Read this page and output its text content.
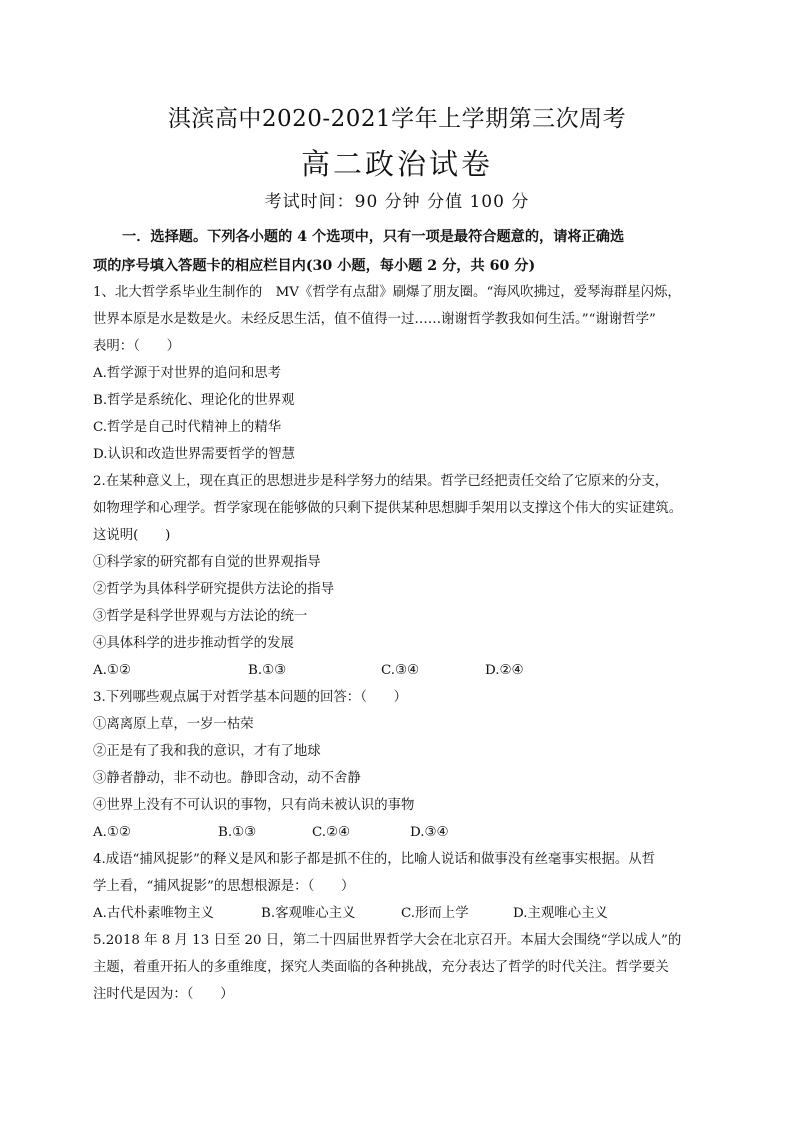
淇滨高中2020-2021学年上学期第三次周考
高二政治试卷
考试时间：90 分钟 分值 100 分
一．选择题。下列各小题的 4 个选项中，只有一项是最符合题意的，请将正确选
项的序号填入答题卡的相应栏目内(30 小题，每小题 2 分，共 60 分)
1、北大哲学系毕业生制作的　MV《哲学有点甜》刷爆了朋友圈。“海风吹拂过，爱琴海群星闪烁，
世界本原是水是数是火。未经反思生活，值不值得一过……谢谢哲学教我如何生活。”“谢谢哲学”
表明：（　　）
A.哲学源于对世界的追问和思考
B.哲学是系统化、理论化的世界观
C.哲学是自己时代精神上的精华
D.认识和改造世界需要哲学的智慧
2.在某种意义上，现在真正的思想进步是科学努力的结果。哲学已经把责任交给了它原来的分支，
如物理学和心理学。哲学家现在能够做的只剩下提供某种思想脚手架用以支撑这个伟大的实证建筑。
这说明(　　)
①科学家的研究都有自觉的世界观指导
②哲学为具体科学研究提供方法论的指导
③哲学是科学世界观与方法论的统一
④具体科学的进步推动哲学的发展
A.①②	B.①③	C.③④	D.②④
3.下列哪些观点属于对哲学基本问题的回答：（　　）
①离离原上草，一岁一枯荣
②正是有了我和我的意识，才有了地球
③静者静动，非不动也。静即含动，动不舍静
④世界上没有不可认识的事物，只有尚未被认识的事物
A.①②	B.①③	C.②④	D.③④
4.成语“捕风捉影”的释义是风和影子都是抓不住的，比喻人说话和做事没有丝毫事实根据。从哲
学上看，“捕风捉影”的思想根源是：（　　）
A.古代朴素唯物主义	B.客观唯心主义	C.形而上学	D.主观唯心主义
5.2018 年 8 月 13 日至 20 日，第二十四届世界哲学大会在北京召开。本届大会围绕“学以成人”的
主题，着重开拓人的多重维度，探究人类面临的各种挑战，充分表达了哲学的时代关注。哲学要关
注时代是因为：（　　）
